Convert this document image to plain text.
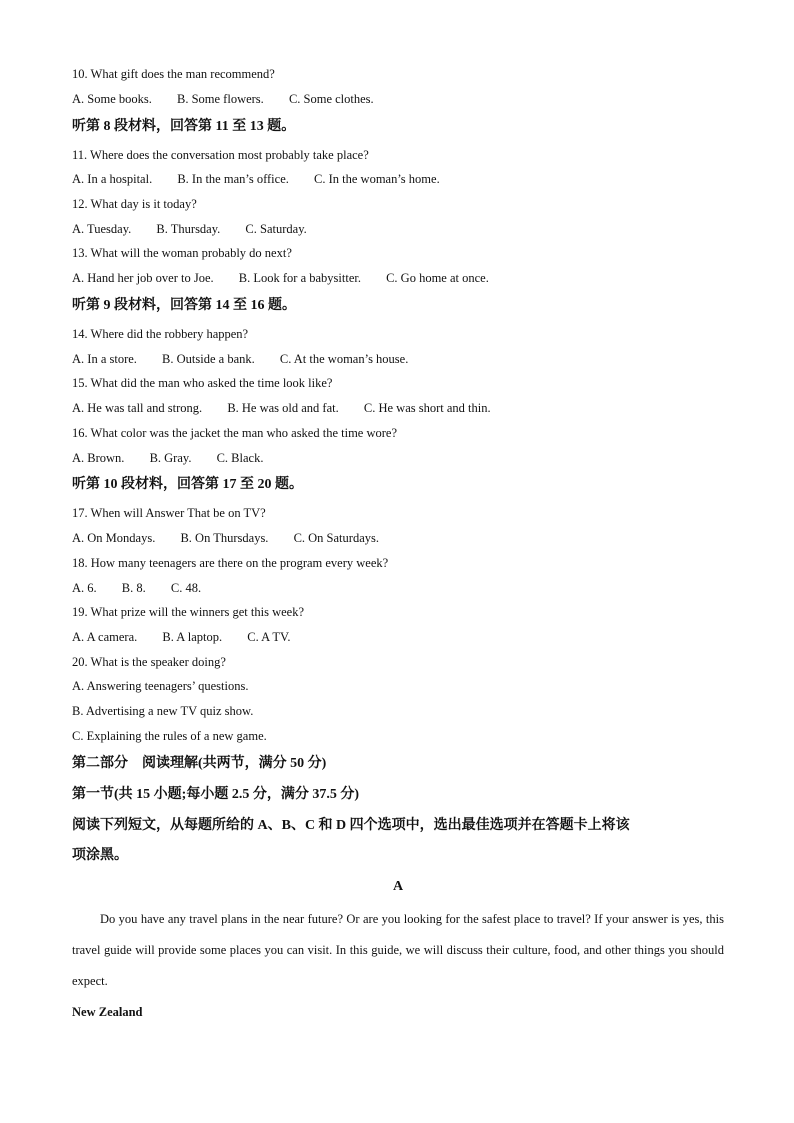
10. What gift does the man recommend?
A. Some books. B. Some flowers. C. Some clothes.
听第 8 段材料，回答第 11 至 13 题。
11. Where does the conversation most probably take place?
A. In a hospital. B. In the man’s office. C. In the woman’s home.
12. What day is it today?
A. Tuesday. B. Thursday. C. Saturday.
13. What will the woman probably do next?
A. Hand her job over to Joe. B. Look for a babysitter. C. Go home at once.
听第 9 段材料，回答第 14 至 16 题。
14. Where did the robbery happen?
A. In a store. B. Outside a bank. C. At the woman’s house.
15. What did the man who asked the time look like?
A. He was tall and strong. B. He was old and fat. C. He was short and thin.
16. What color was the jacket the man who asked the time wore?
A. Brown. B. Gray. C. Black.
听第 10 段材料，回答第 17 至 20 题。
17. When will Answer That be on TV?
A. On Mondays. B. On Thursdays. C. On Saturdays.
18. How many teenagers are there on the program every week?
A. 6. B. 8. C. 48.
19. What prize will the winners get this week?
A. A camera. B. A laptop. C. A TV.
20. What is the speaker doing?
A. Answering teenagers’ questions.
B. Advertising a new TV quiz show.
C. Explaining the rules of a new game.
第二部分　阅读理解(共两节，满分 50 分)
第一节(共 15 小题;每小题 2.5 分，满分 37.5 分)
阅读下列短文，从每题所给的 A、B、C 和 D 四个选项中，选出最佳选项并在答题卡上将该
项涂黑。
A
Do you have any travel plans in the near future? Or are you looking for the safest place to travel? If your answer is yes, this travel guide will provide some places you can visit. In this guide, we will discuss their culture, food, and other things you should expect.
New Zealand
